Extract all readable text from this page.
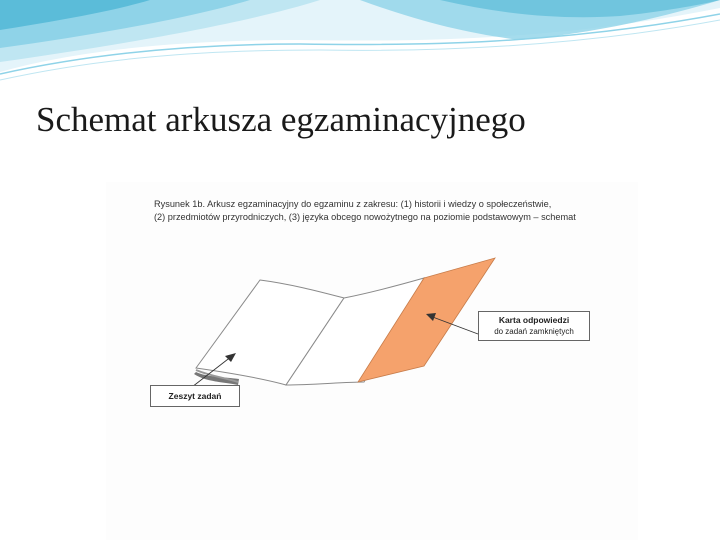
Schemat arkusza egzaminacyjnego
Rysunek 1b. Arkusz egzaminacyjny do egzaminu z zakresu: (1) historii i wiedzy o społeczeństwie,
(2) przedmiotów przyrodniczych, (3) języka obcego nowożytnego na poziomie podstawowym – schemat
Zeszyt zadań
Karta odpowiedzi
do zadań zamkniętych
